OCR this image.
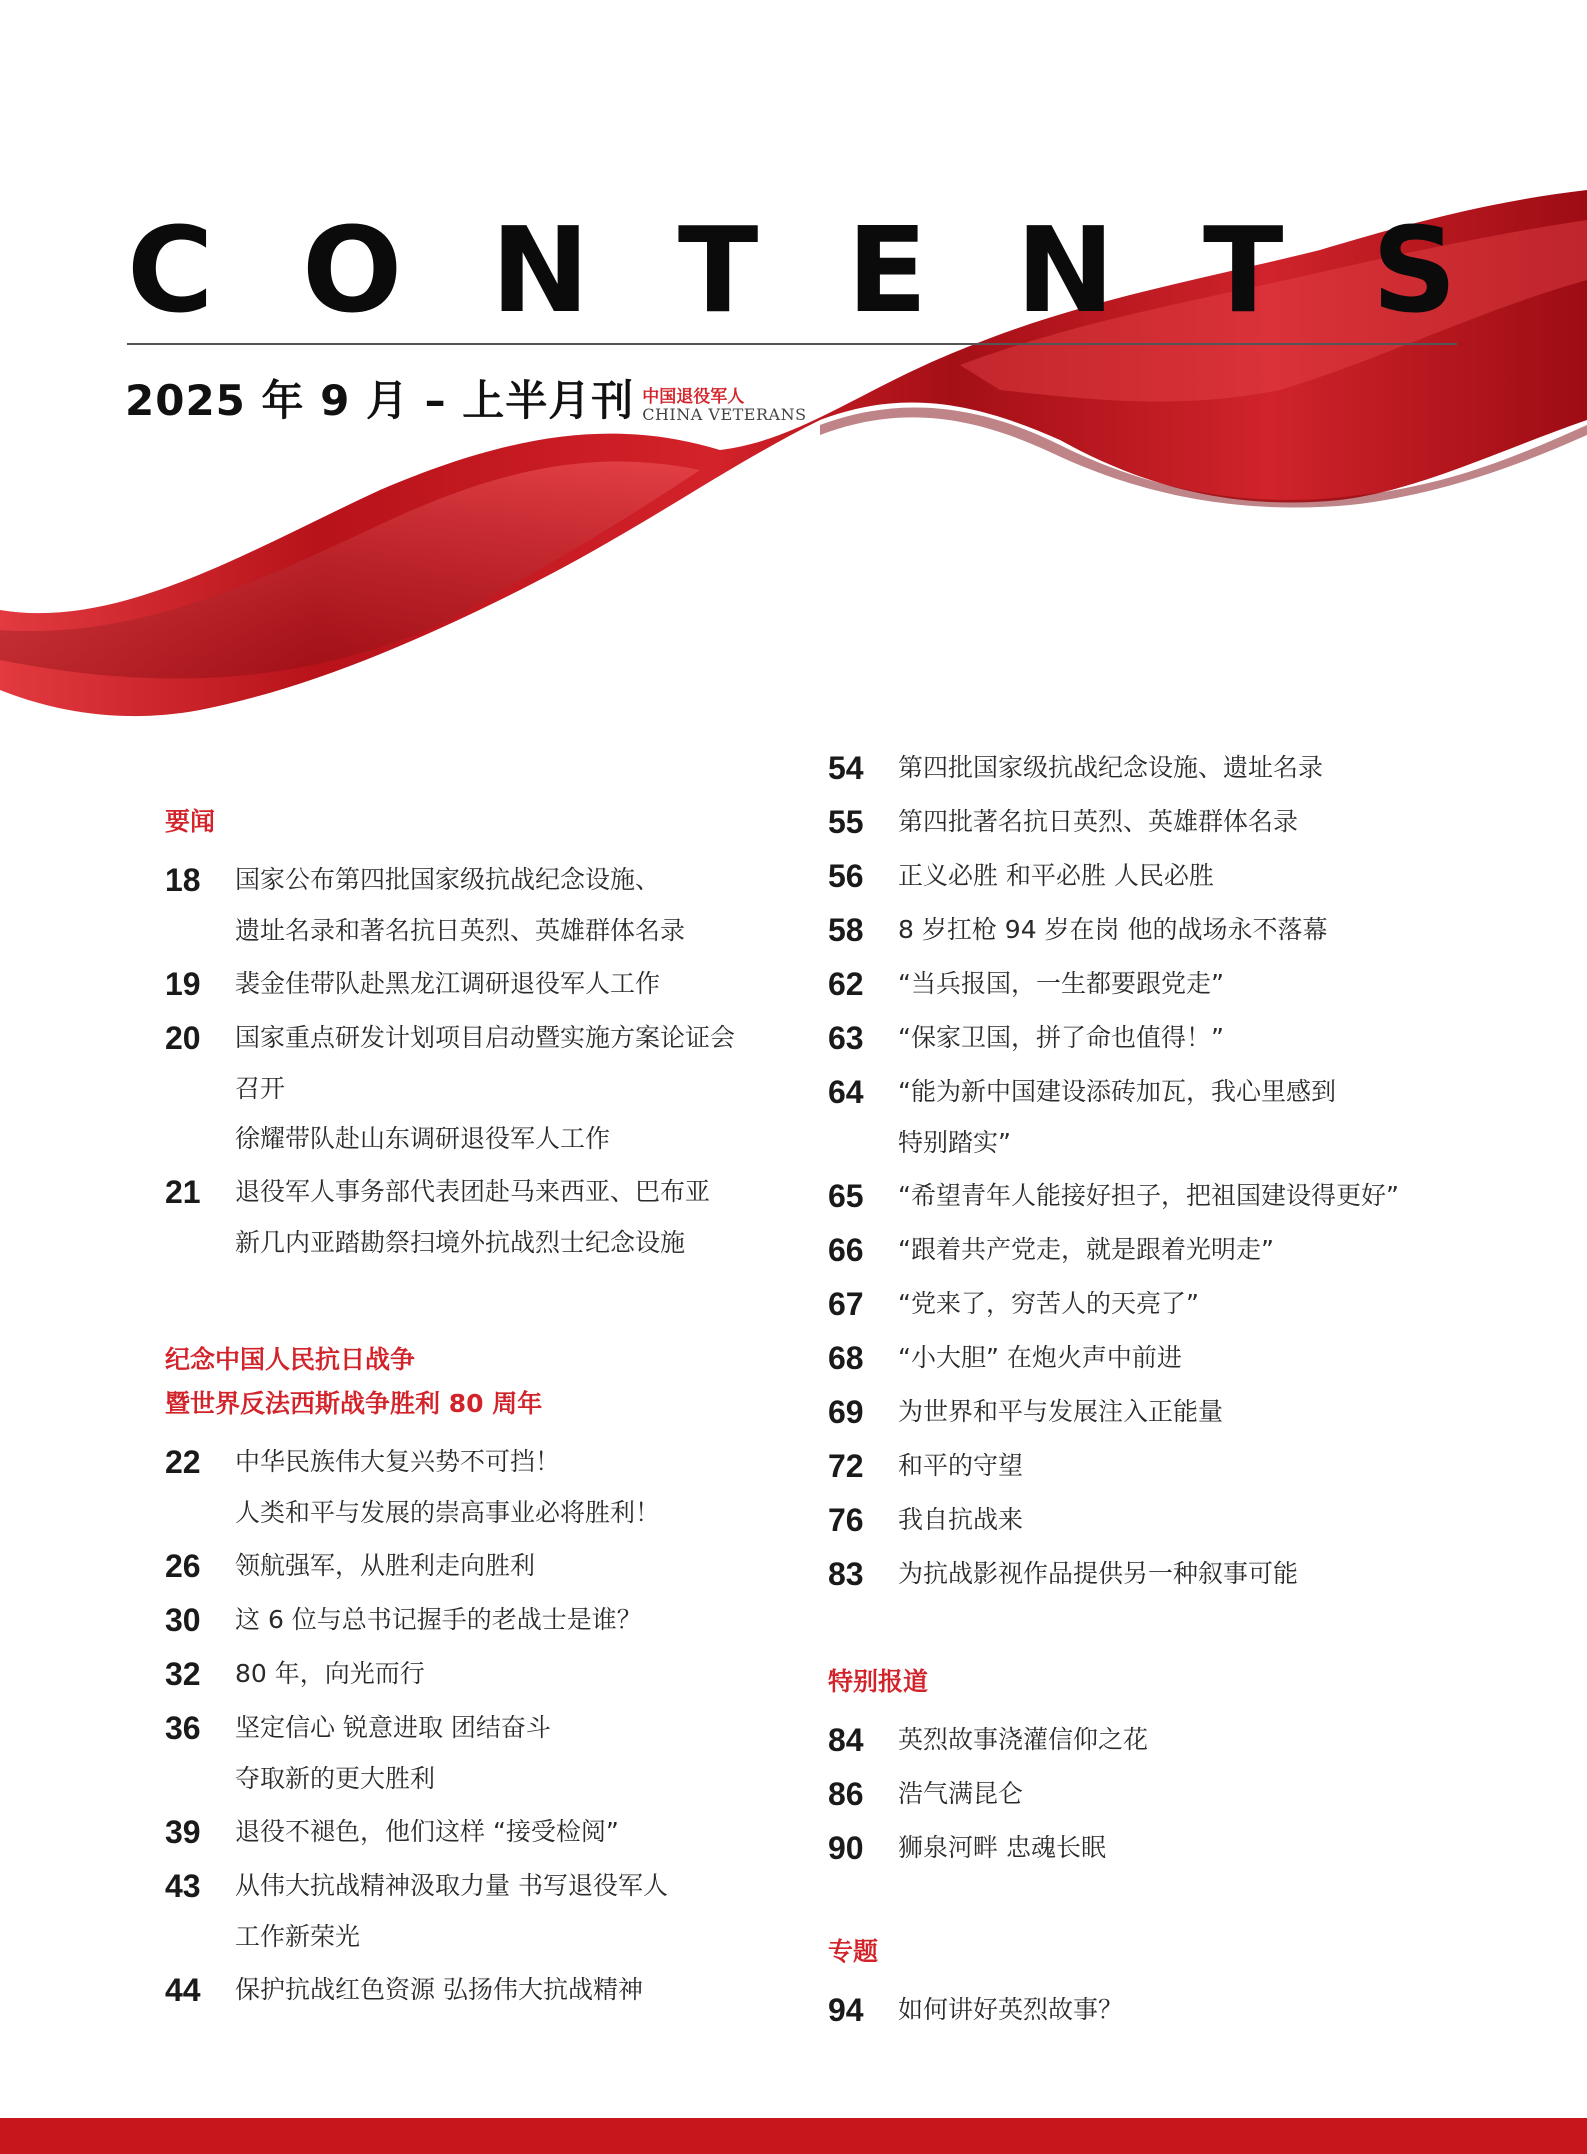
C O N T E N T S
2025 年 9 月 – 上半月刊 中国退役军人
CHINA VETERANS
要闻
18	国家公布第四批国家级抗战纪念设施、
遗址名录和著名抗日英烈、英雄群体名录
19	裴金佳带队赴黑龙江调研退役军人工作
20	国家重点研发计划项目启动暨实施方案论证会
召开
徐耀带队赴山东调研退役军人工作
21	退役军人事务部代表团赴马来西亚、巴布亚
新几内亚踏勘祭扫境外抗战烈士纪念设施
纪念中国人民抗日战争
暨世界反法西斯战争胜利 80 周年
22	中华民族伟大复兴势不可挡！
人类和平与发展的崇高事业必将胜利！
26	领航强军，从胜利走向胜利
30	这 6 位与总书记握手的老战士是谁？
32	80 年，向光而行
36	坚定信心 锐意进取 团结奋斗
夺取新的更大胜利
39	退役不褪色，他们这样 “接受检阅”
43	从伟大抗战精神汲取力量 书写退役军人
工作新荣光
44	保护抗战红色资源 弘扬伟大抗战精神
54	第四批国家级抗战纪念设施、遗址名录
55	第四批著名抗日英烈、英雄群体名录
56	正义必胜 和平必胜 人民必胜
58	8 岁扛枪 94 岁在岗 他的战场永不落幕
62	“当兵报国，一生都要跟党走”
63	“保家卫国，拼了命也值得！”
64	“能为新中国建设添砖加瓦，我心里感到
特别踏实”
65	“希望青年人能接好担子，把祖国建设得更好”
66	“跟着共产党走，就是跟着光明走”
67	“党来了，穷苦人的天亮了”
68	“小大胆” 在炮火声中前进
69	为世界和平与发展注入正能量
72	和平的守望
76	我自抗战来
83	为抗战影视作品提供另一种叙事可能
特别报道
84	英烈故事浇灌信仰之花
86	浩气满昆仑
90	狮泉河畔 忠魂长眠
专题
94	如何讲好英烈故事？
